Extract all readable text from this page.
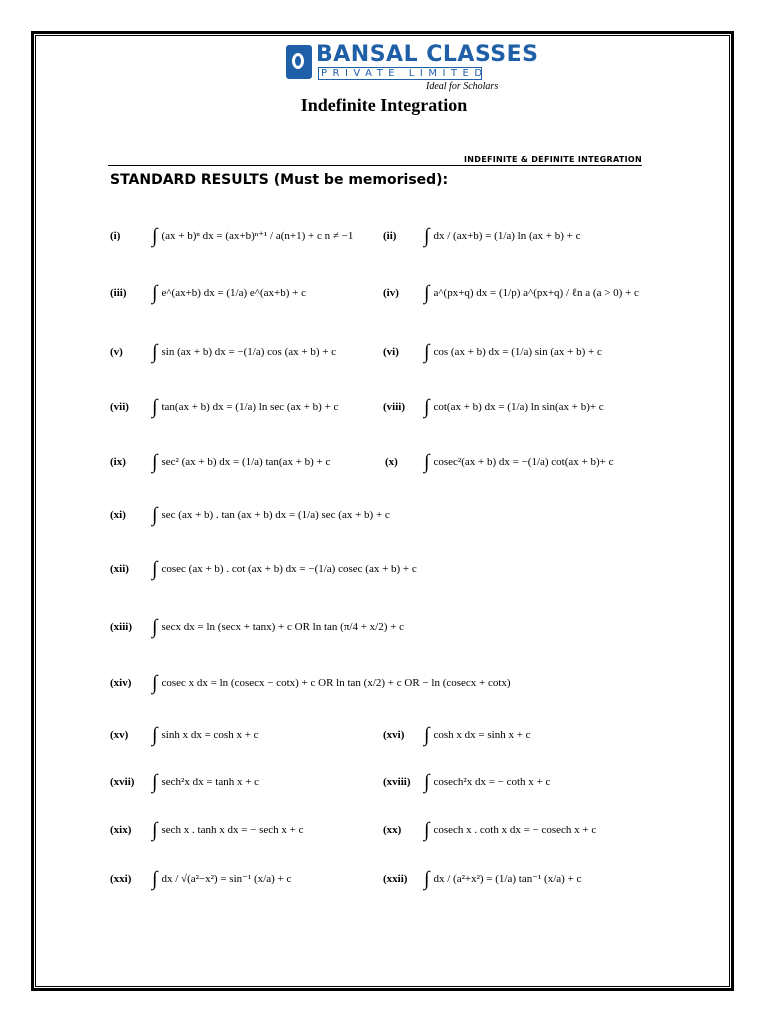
BANSAL CLASSES
PRIVATE LIMITED
Ideal for Scholars
Indefinite Integration
INDEFINITE & DEFINITE INTEGRATION
STANDARD RESULTS (Must be memorised):
(i) ∫ (ax + b)ⁿ dx = (ax+b)ⁿ⁺¹ / a(n+1) + c n ≠ −1	(ii) ∫ dx / (ax+b) = (1/a) ln (ax + b) + c
(iii) ∫ e^(ax+b) dx = (1/a) e^(ax+b) + c	(iv) ∫ a^(px+q) dx = (1/p) a^(px+q) / ℓn a (a > 0) + c
(v) ∫ sin (ax + b) dx = −(1/a) cos (ax + b) + c	(vi) ∫ cos (ax + b) dx = (1/a) sin (ax + b) + c
(vii) ∫ tan(ax + b) dx = (1/a) ln sec (ax + b) + c	(viii) ∫ cot(ax + b) dx = (1/a) ln sin(ax + b)+ c
(ix) ∫ sec² (ax + b) dx = (1/a) tan(ax + b) + c	(x) ∫ cosec²(ax + b) dx = −(1/a) cot(ax + b)+ c
(xi) ∫ sec (ax + b) . tan (ax + b) dx = (1/a) sec (ax + b) + c
(xii) ∫ cosec (ax + b) . cot (ax + b) dx = −(1/a) cosec (ax + b) + c
(xiii) ∫ secx dx = ln (secx + tanx) + c OR ln tan (π/4 + x/2) + c
(xiv) ∫ cosec x dx = ln (cosecx − cotx) + c OR ln tan (x/2) + c OR − ln (cosecx + cotx)
(xv) ∫ sinh x dx = cosh x + c	(xvi) ∫ cosh x dx = sinh x + c
(xvii) ∫ sech²x dx = tanh x + c	(xviii) ∫ cosech²x dx = − coth x + c
(xix) ∫ sech x . tanh x dx = − sech x + c	(xx) ∫ cosech x . coth x dx = − cosech x + c
(xxi) ∫ dx / √(a²−x²) = sin⁻¹ (x/a) + c	(xxii) ∫ dx / (a²+x²) = (1/a) tan⁻¹ (x/a) + c
